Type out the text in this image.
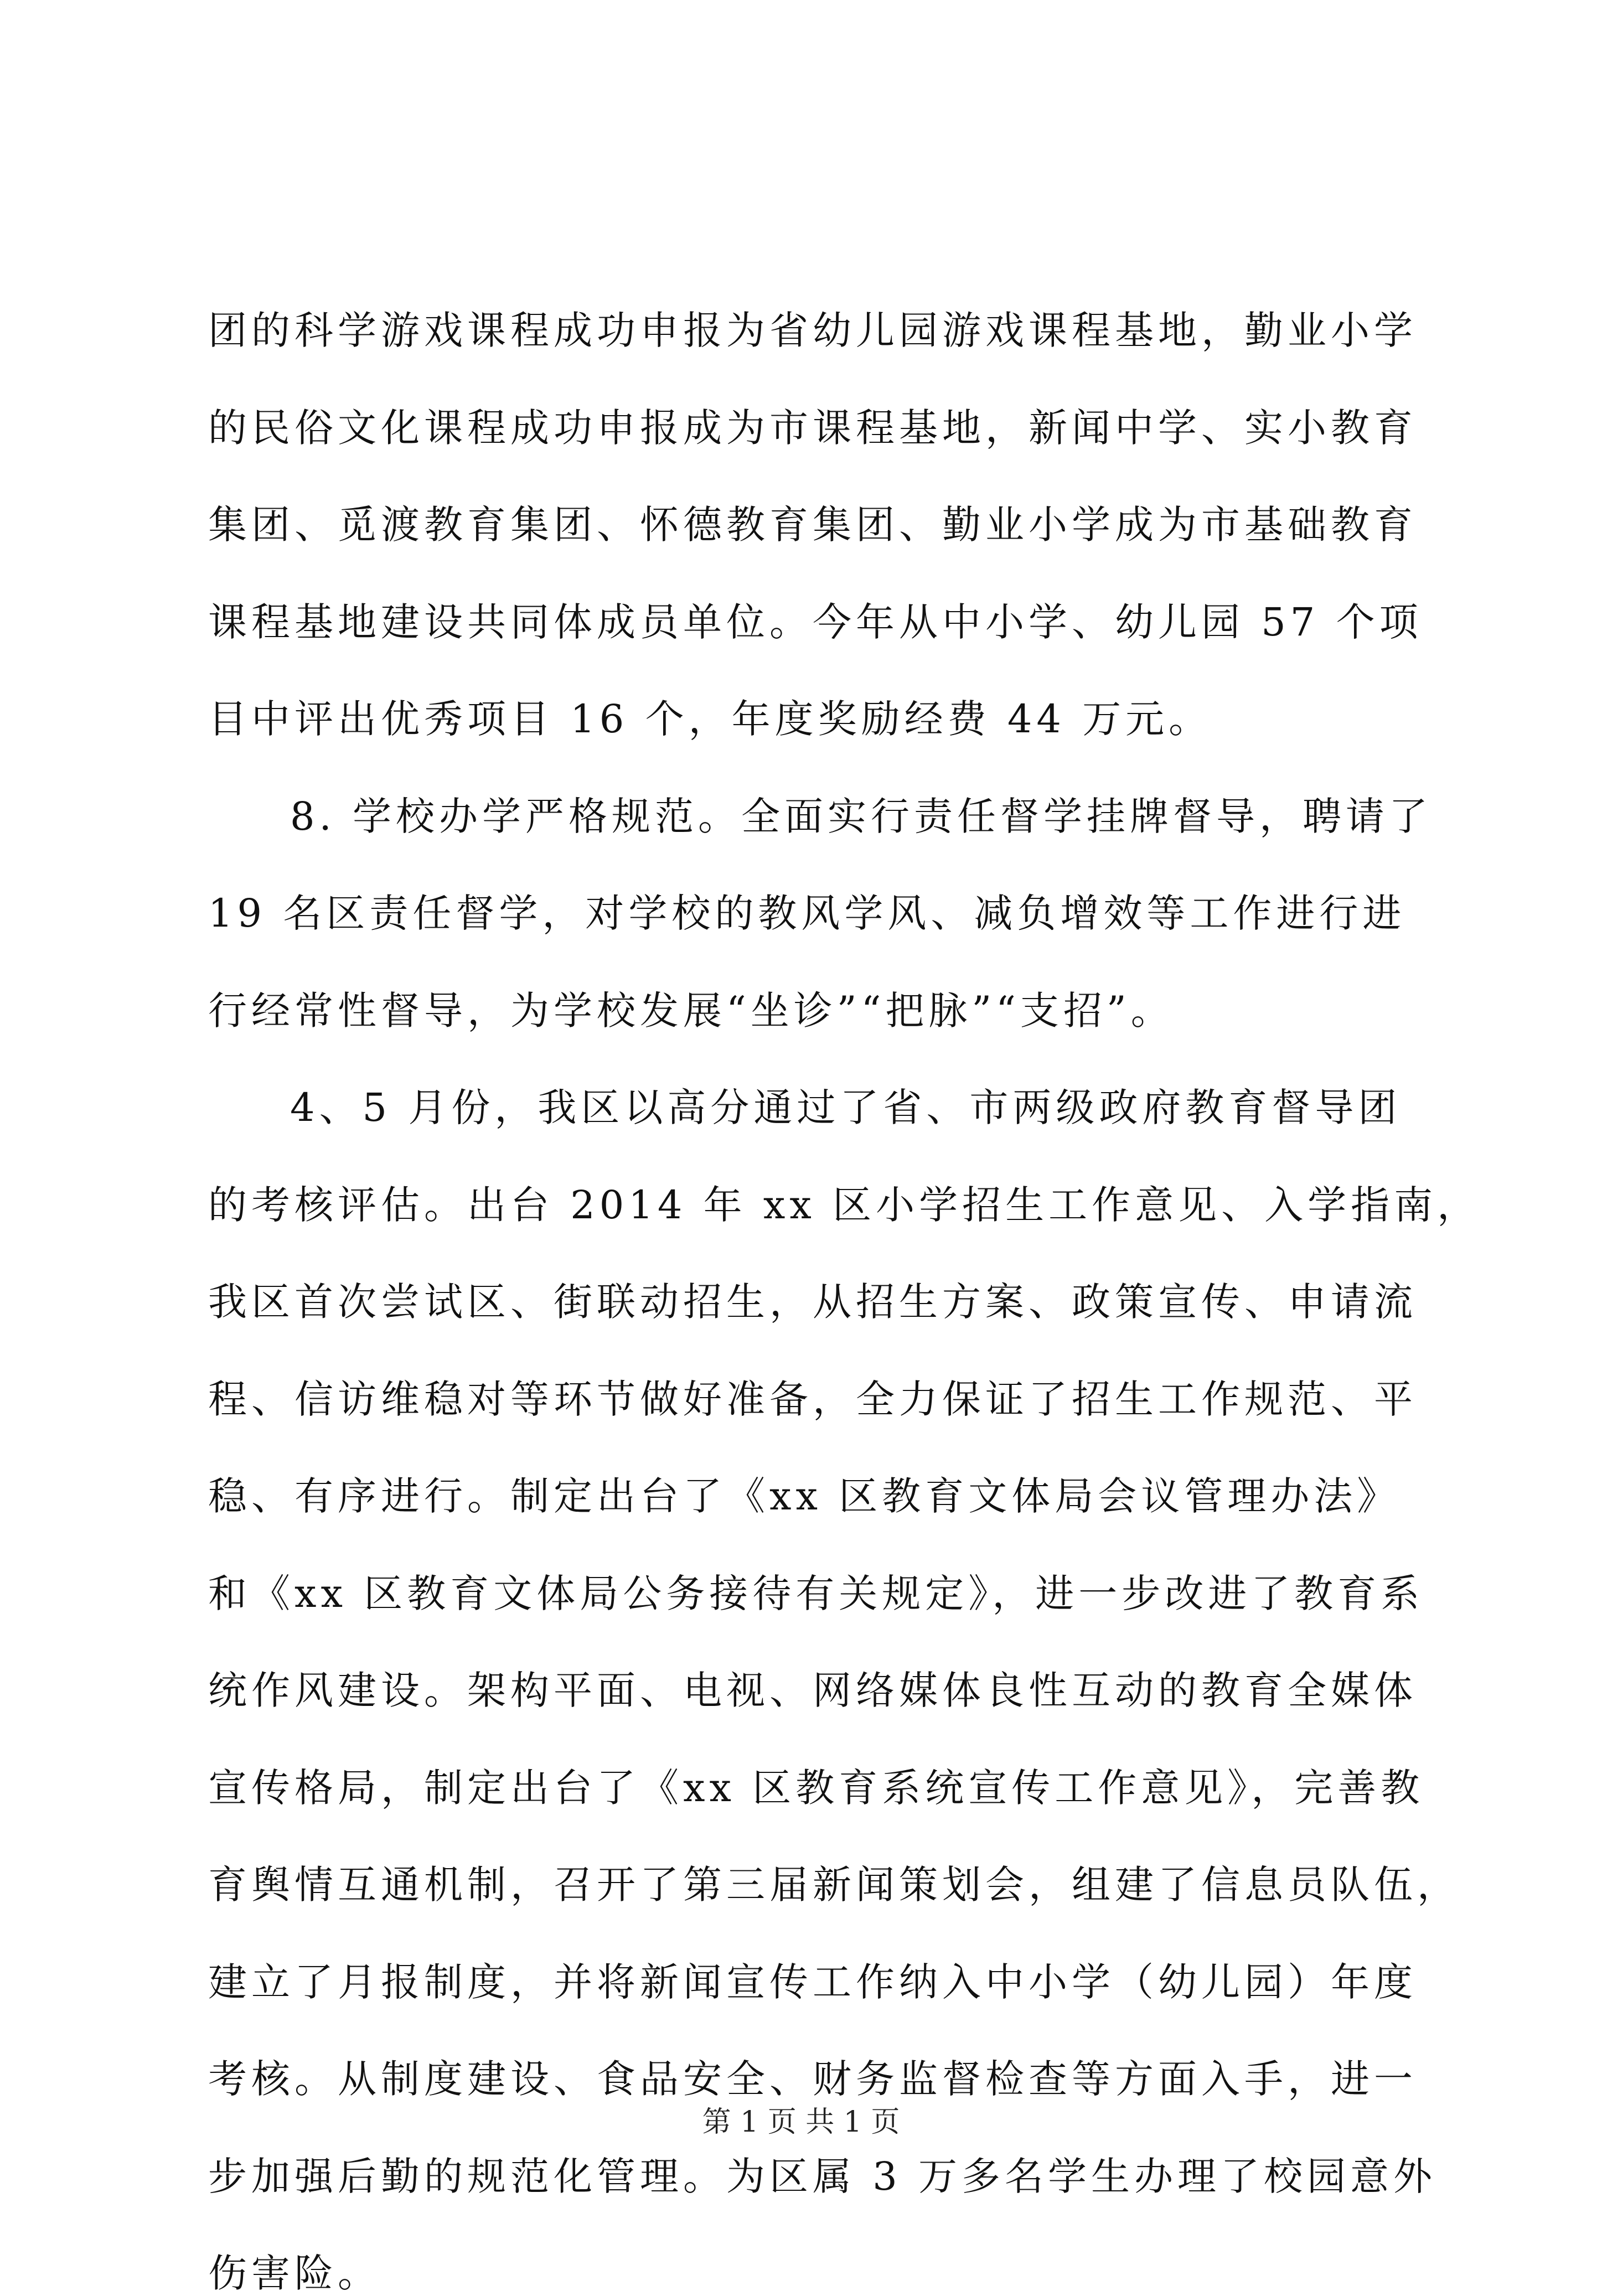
团的科学游戏课程成功申报为省幼儿园游戏课程基地，勤业小学
的民俗文化课程成功申报成为市课程基地，新闻中学、实小教育
集团、觅渡教育集团、怀德教育集团、勤业小学成为市基础教育
课程基地建设共同体成员单位。今年从中小学、幼儿园 57 个项
目中评出优秀项目 16 个，年度奖励经费 44 万元。
8. 学校办学严格规范。全面实行责任督学挂牌督导，聘请了
19 名区责任督学，对学校的教风学风、减负增效等工作进行进
行经常性督导，为学校发展“坐诊”“把脉”“支招”。
4、5 月份，我区以高分通过了省、市两级政府教育督导团
的考核评估。出台 2014 年 xx 区小学招生工作意见、入学指南，
我区首次尝试区、街联动招生，从招生方案、政策宣传、申请流
程、信访维稳对等环节做好准备，全力保证了招生工作规范、平
稳、有序进行。制定出台了《xx 区教育文体局会议管理办法》
和《xx 区教育文体局公务接待有关规定》，进一步改进了教育系
统作风建设。架构平面、电视、网络媒体良性互动的教育全媒体
宣传格局，制定出台了《xx 区教育系统宣传工作意见》，完善教
育舆情互通机制，召开了第三届新闻策划会，组建了信息员队伍，
建立了月报制度，并将新闻宣传工作纳入中小学（幼儿园）年度
考核。从制度建设、食品安全、财务监督检查等方面入手，进一
步加强后勤的规范化管理。为区属 3 万多名学生办理了校园意外
伤害险。
第 1 页 共 1 页
